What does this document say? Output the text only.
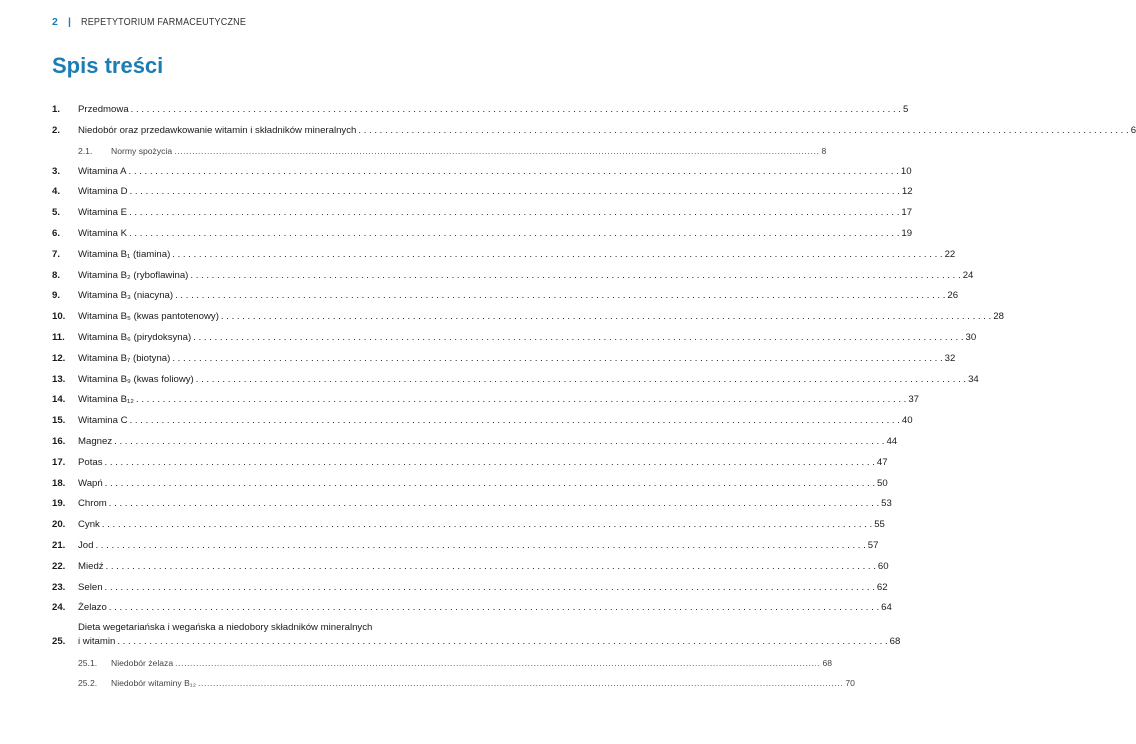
2 | REPETYTORIUM FARMACEUTYCZNE
Spis treści
1.	Przedmowa . . .	5
2.	Niedobór oraz przedawkowanie witamin i składników mineralnych . . .	6
2.1.	Normy spożycia .....	8
3.	Witamina A . . .	10
4.	Witamina D . . .	12
5.	Witamina E . . .	17
6.	Witamina K . . .	19
7.	Witamina B₁ (tiamina) . . .	22
8.	Witamina B₂ (ryboflawina) . . .	24
9.	Witamina B₃ (niacyna) . . .	26
10.	Witamina B₅ (kwas pantotenowy) . . .	28
11.	Witamina B₆ (pirydoksyna) . . .	30
12.	Witamina B₇ (biotyna) . . .	32
13.	Witamina B₉ (kwas foliowy) . . .	34
14.	Witamina B₁₂ . . .	37
15.	Witamina C . . .	40
16.	Magnez . . .	44
17.	Potas . . .	47
18.	Wapń . . .	50
19.	Chrom . . .	53
20.	Cynk . . .	55
21.	Jod . . .	57
22.	Miedź . . .	60
23.	Selen . . .	62
24.	Żelazo . . .	64
25.
Dieta wegetariańska i wegańska a niedobory składników mineralnych
i witamin . . .	68
25.1.	Niedobór żelaza .....	68
25.2.	Niedobór witaminy B₁₂ .....	70
